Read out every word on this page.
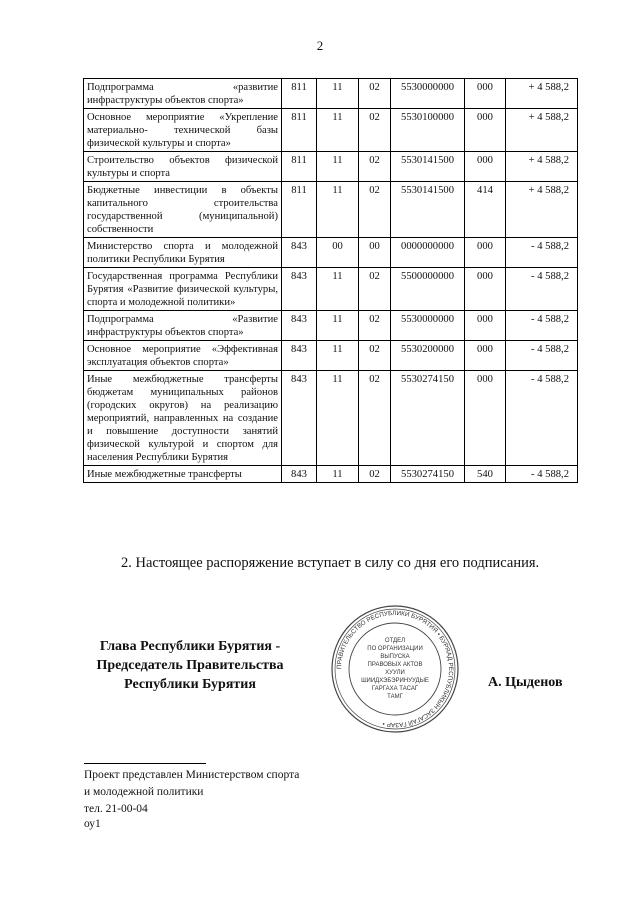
2
Подпрограмма «развитие инфраструктуры объектов спорта»	811	11	02	5530000000	000	+ 4 588,2
Основное мероприятие «Укрепление материально- технической базы физической культуры и спорта»	811	11	02	5530100000	000	+ 4 588,2
Строительство объектов физической культуры и спорта	811	11	02	5530141500	000	+ 4 588,2
Бюджетные инвестиции в объекты капитального строительства государственной (муниципальной) собственности	811	11	02	5530141500	414	+ 4 588,2
Министерство спорта и молодежной политики Республики Бурятия	843	00	00	0000000000	000	- 4 588,2
Государственная программа Республики Бурятия «Развитие физической культуры, спорта и молодежной политики»	843	11	02	5500000000	000	- 4 588,2
Подпрограмма «Развитие инфраструктуры объектов спорта»	843	11	02	5530000000	000	- 4 588,2
Основное мероприятие «Эффективная эксплуатация объектов спорта»	843	11	02	5530200000	000	- 4 588,2
Иные межбюджетные трансферты бюджетам муниципальных районов (городских округов) на реализацию мероприятий, направленных на создание и повышение доступности занятий физической культурой и спортом для населения Республики Бурятия	843	11	02	5530274150	000	- 4 588,2
Иные межбюджетные трансферты	843	11	02	5530274150	540	- 4 588,2
2. Настоящее распоряжение вступает в силу со дня его подписания.
Глава Республики Бурятия -
Председатель Правительства
Республики Бурятия
ПРАВИТЕЛЬСТВО РЕСПУБЛИКИ БУРЯТИЯ • БУРЯАД РЕСПУБЛИКЫН ЗАСАГАЙ ГАЗАР •
ОТДЕЛ
ПО ОРГАНИЗАЦИИ
ВЫПУСКА
ПРАВОВЫХ АКТОВ
ХУУЛИ
ШИИДХЭБЭРИНУУДЫЕ
ГАРГАХА ТАСАГ
ТАМГ
А. Цыденов
Проект представлен Министерством спорта
и молодежной политики
тел. 21-00-04
оу1
